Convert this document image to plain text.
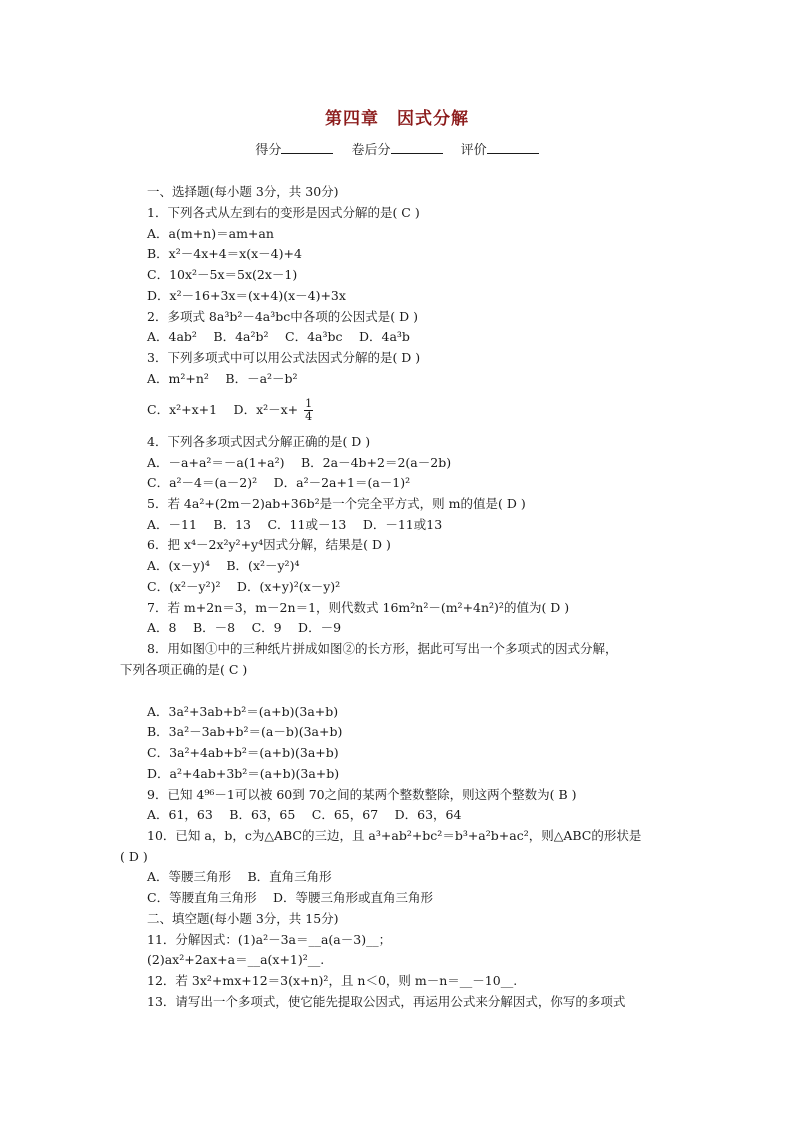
第四章　因式分解
得分	卷后分	评价
一、选择题(每小题 3分，共 30分)
1．下列各式从左到右的变形是因式分解的是( C )
A．a(m+n)＝am+an
B．x²－4x+4＝x(x－4)+4
C．10x²－5x＝5x(2x－1)
D．x²－16+3x＝(x+4)(x－4)+3x
2．多项式 8a³b²－4a³bc中各项的公因式是( D )
A．4ab²　 B．4a²b²　 C．4a³bc　 D．4a³b
3．下列多项式中可以用公式法因式分解的是( D )
A．m²+n²　 B．－a²－b²
4．下列各多项式因式分解正确的是( D )
A．－a+a²＝－a(1+a²)　 B．2a－4b+2＝2(a－2b)
C．a²－4＝(a－2)²　 D．a²－2a+1＝(a－1)²
5．若 4a²+(2m－2)ab+36b²是一个完全平方式，则 m的值是( D )
A．－11　 B．13　 C．11或－13　 D．－11或13
6．把 x⁴－2x²y²+y⁴因式分解，结果是( D )
A．(x－y)⁴　 B．(x²－y²)⁴
C．(x²－y²)²　 D．(x+y)²(x－y)²
7．若 m+2n＝3，m－2n＝1，则代数式 16m²n²－(m²+4n²)²的值为( D )
A．8　 B．－8　 C．9　 D．－9
8．用如图①中的三种纸片拼成如图②的长方形，据此可写出一个多项式的因式分解，
下列各项正确的是( C )
A．3a²+3ab+b²＝(a+b)(3a+b)
B．3a²－3ab+b²＝(a－b)(3a+b)
C．3a²+4ab+b²＝(a+b)(3a+b)
D．a²+4ab+3b²＝(a+b)(3a+b)
9．已知 4⁹⁶－1可以被 60到 70之间的某两个整数整除，则这两个整数为( B )
A．61，63　 B．63，65　 C．65，67　 D．63，64
10．已知 a，b，c为△ABC的三边，且 a³+ab²+bc²＝b³+a²b+ac²，则△ABC的形状是
( D )
A．等腰三角形　 B．直角三角形
C．等腰直角三角形　 D．等腰三角形或直角三角形
二、填空题(每小题 3分，共 15分)
11．分解因式：(1)a²－3a＝__a(a－3)__；
(2)ax²+2ax+a＝__a(x+1)²__.
12．若 3x²+mx+12＝3(x+n)²，且 n＜0，则 m－n＝__－10__.
13．请写出一个多项式，使它能先提取公因式，再运用公式来分解因式，你写的多项式
C．x²+x+1　 D．$x^2-x+ \frac{1}{4}$
